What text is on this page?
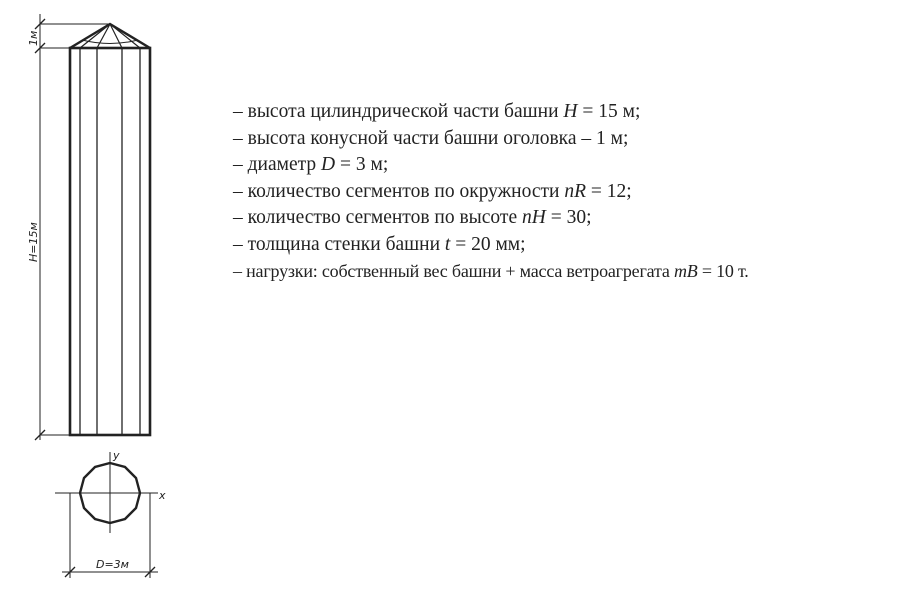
1м
H=15м
y
x
D=3м
– высота цилиндрической части башни H = 15 м;
– высота конусной части башни оголовка – 1 м;
– диаметр D = 3 м;
– количество сегментов по окружности nR = 12;
– количество сегментов по высоте nH = 30;
– толщина стенки башни t = 20 мм;
– нагрузки: собственный вес башни + масса ветроагрегата mB = 10 т.
